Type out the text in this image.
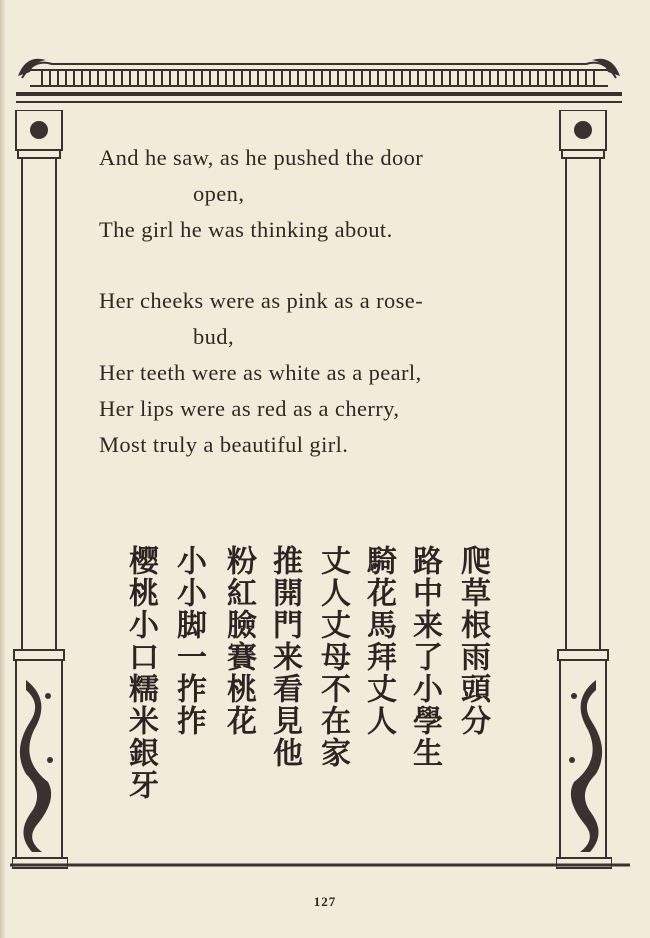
And he saw, as he pushed the door
open,
The girl he was thinking about.
Her cheeks were as pink as a rose-
bud,
Her teeth were as white as a pearl,
Her lips were as red as a cherry,
Most truly a beautiful girl.
爬草根雨頭分
路中来了小學生
騎花馬拜丈人
丈人丈母不在家
推開門来看見他
粉紅臉賽桃花
小小脚一拃拃
樱桃小口糯米銀牙
127
